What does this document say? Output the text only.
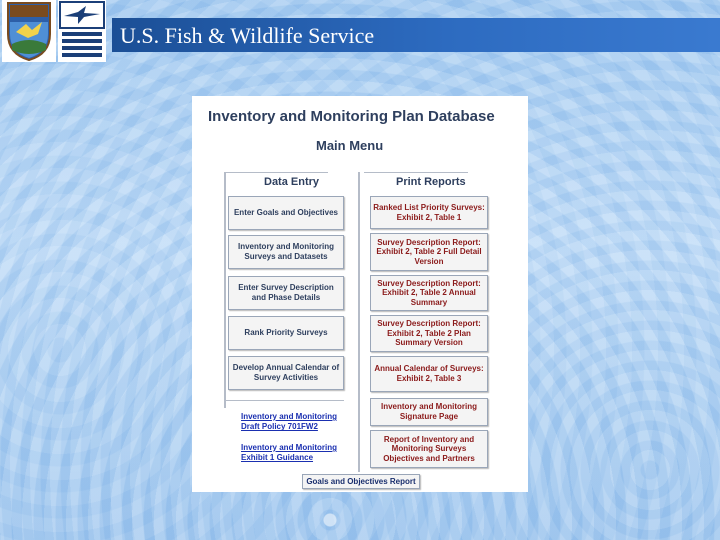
U.S. Fish & Wildlife Service
Inventory and Monitoring Plan Database
Main Menu
Data Entry	Print Reports
Enter Goals and Objectives
Inventory and Monitoring Surveys and Datasets
Enter Survey Description and Phase Details
Rank Priority Surveys
Develop Annual Calendar of Survey Activities
Ranked List Priority Surveys: Exhibit 2, Table 1
Survey Description Report: Exhibit 2, Table 2 Full Detail Version
Survey Description Report: Exhibit 2, Table 2 Annual Summary
Survey Description Report: Exhibit 2, Table 2 Plan Summary Version
Annual Calendar of Surveys: Exhibit 2, Table 3
Inventory and Monitoring Signature Page
Report of Inventory and Monitoring Surveys Objectives and Partners
Inventory and Monitoring Draft Policy 701FW2
Inventory and Monitoring Exhibit 1 Guidance
Goals and Objectives Report
